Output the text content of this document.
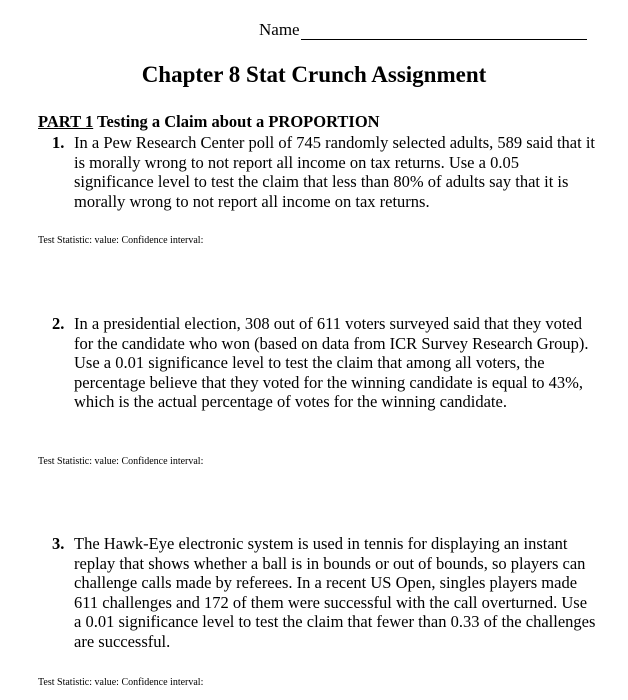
Name
Chapter 8 Stat Crunch Assignment
PART 1 Testing a Claim about a PROPORTION
1. In a Pew Research Center poll of 745 randomly selected adults, 589 said that it is morally wrong to not report all income on tax returns. Use a 0.05 significance level to test the claim that less than 80% of adults say that it is morally wrong to not report all income on tax returns.
Test Statistic: value: Confidence interval:
2. In a presidential election, 308 out of 611 voters surveyed said that they voted for the candidate who won (based on data from ICR Survey Research Group). Use a 0.01 significance level to test the claim that among all voters, the percentage believe that they voted for the winning candidate is equal to 43%, which is the actual percentage of votes for the winning candidate.
Test Statistic: value: Confidence interval:
3. The Hawk-Eye electronic system is used in tennis for displaying an instant replay that shows whether a ball is in bounds or out of bounds, so players can challenge calls made by referees. In a recent US Open, singles players made 611 challenges and 172 of them were successful with the call overturned. Use a 0.01 significance level to test the claim that fewer than 0.33 of the challenges are successful.
Test Statistic: value: Confidence interval:
